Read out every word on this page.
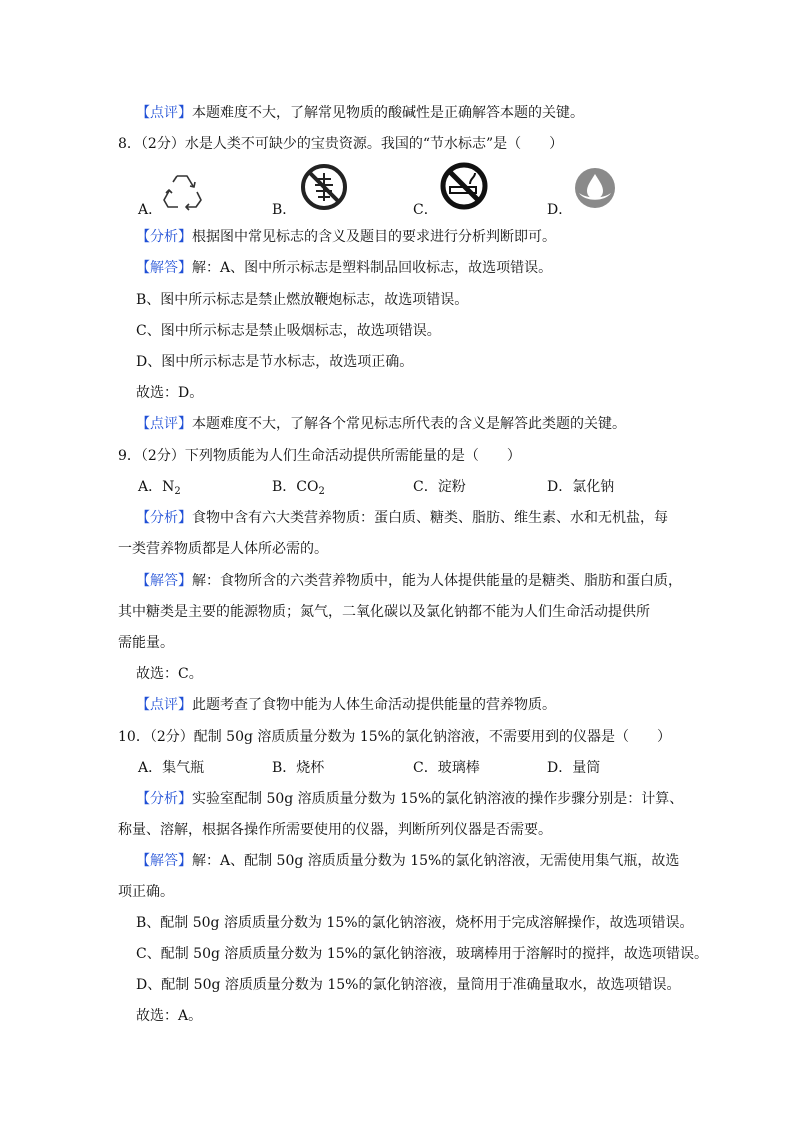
【点评】本题难度不大，了解常见物质的酸碱性是正确解答本题的关键。
8．（2分）水是人类不可缺少的宝贵资源。我国的“节水标志”是（　　）
A．	B．	C．	D．
【分析】根据图中常见标志的含义及题目的要求进行分析判断即可。
【解答】解：A、图中所示标志是塑料制品回收标志，故选项错误。
B、图中所示标志是禁止燃放鞭炮标志，故选项错误。
C、图中所示标志是禁止吸烟标志，故选项错误。
D、图中所示标志是节水标志，故选项正确。
故选：D。
【点评】本题难度不大，了解各个常见标志所代表的含义是解答此类题的关键。
9．（2分）下列物质能为人们生命活动提供所需能量的是（　　）
A．$N_2$	B．$CO_2$	C．淀粉	D．氯化钠
【分析】食物中含有六大类营养物质：蛋白质、糖类、脂肪、维生素、水和无机盐，每
一类营养物质都是人体所必需的。
【解答】解：食物所含的六类营养物质中，能为人体提供能量的是糖类、脂肪和蛋白质，
其中糖类是主要的能源物质；氮气，二氧化碳以及氯化钠都不能为人们生命活动提供所
需能量。
故选：C。
【点评】此题考查了食物中能为人体生命活动提供能量的营养物质。
10．（2分）配制 50g 溶质质量分数为 15%的氯化钠溶液，不需要用到的仪器是（　　）
A．集气瓶	B．烧杯	C．玻璃棒	D．量筒
【分析】实验室配制 50g 溶质质量分数为 15%的氯化钠溶液的操作步骤分别是：计算、
称量、溶解，根据各操作所需要使用的仪器，判断所列仪器是否需要。
【解答】解：A、配制 50g 溶质质量分数为 15%的氯化钠溶液，无需使用集气瓶，故选
项正确。
B、配制 50g 溶质质量分数为 15%的氯化钠溶液，烧杯用于完成溶解操作，故选项错误。
C、配制 50g 溶质质量分数为 15%的氯化钠溶液，玻璃棒用于溶解时的搅拌，故选项错误。
D、配制 50g 溶质质量分数为 15%的氯化钠溶液，量筒用于准确量取水，故选项错误。
故选：A。
